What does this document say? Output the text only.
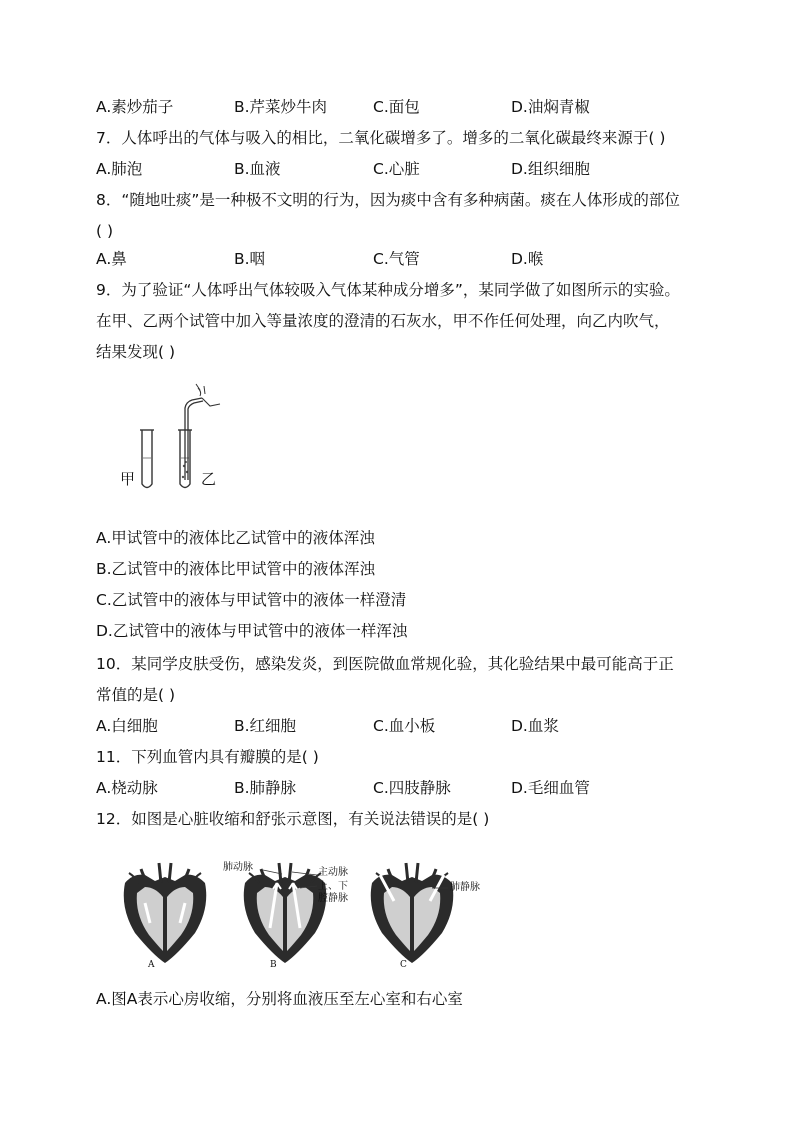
A.素炒茄子	B.芹菜炒牛肉	C.面包	D.油焖青椒
7．人体呼出的气体与吸入的相比，二氧化碳增多了。增多的二氧化碳最终来源于( )
A.肺泡	B.血液	C.心脏	D.组织细胞
8．“随地吐痰”是一种极不文明的行为，因为痰中含有多种病菌。痰在人体形成的部位
( )
A.鼻	B.咽	C.气管	D.喉
9．为了验证“人体呼出气体较吸入气体某种成分增多”，某同学做了如图所示的实验。
在甲、乙两个试管中加入等量浓度的澄清的石灰水，甲不作任何处理，向乙内吹气，
结果发现( )
甲	乙
A.甲试管中的液体比乙试管中的液体浑浊
B.乙试管中的液体比甲试管中的液体浑浊
C.乙试管中的液体与甲试管中的液体一样澄清
D.乙试管中的液体与甲试管中的液体一样浑浊
10．某同学皮肤受伤，感染发炎，到医院做血常规化验，其化验结果中最可能高于正
常值的是( )
A.白细胞	B.红细胞	C.血小板	D.血浆
11．下列血管内具有瓣膜的是( )
A.桡动脉	B.肺静脉	C.四肢静脉	D.毛细血管
12．如图是心脏收缩和舒张示意图，有关说法错误的是( )
肺动脉	主动脉
上、下
腔静脉
肺静脉
A	B	C
A.图A表示心房收缩，分别将血液压至左心室和右心室
